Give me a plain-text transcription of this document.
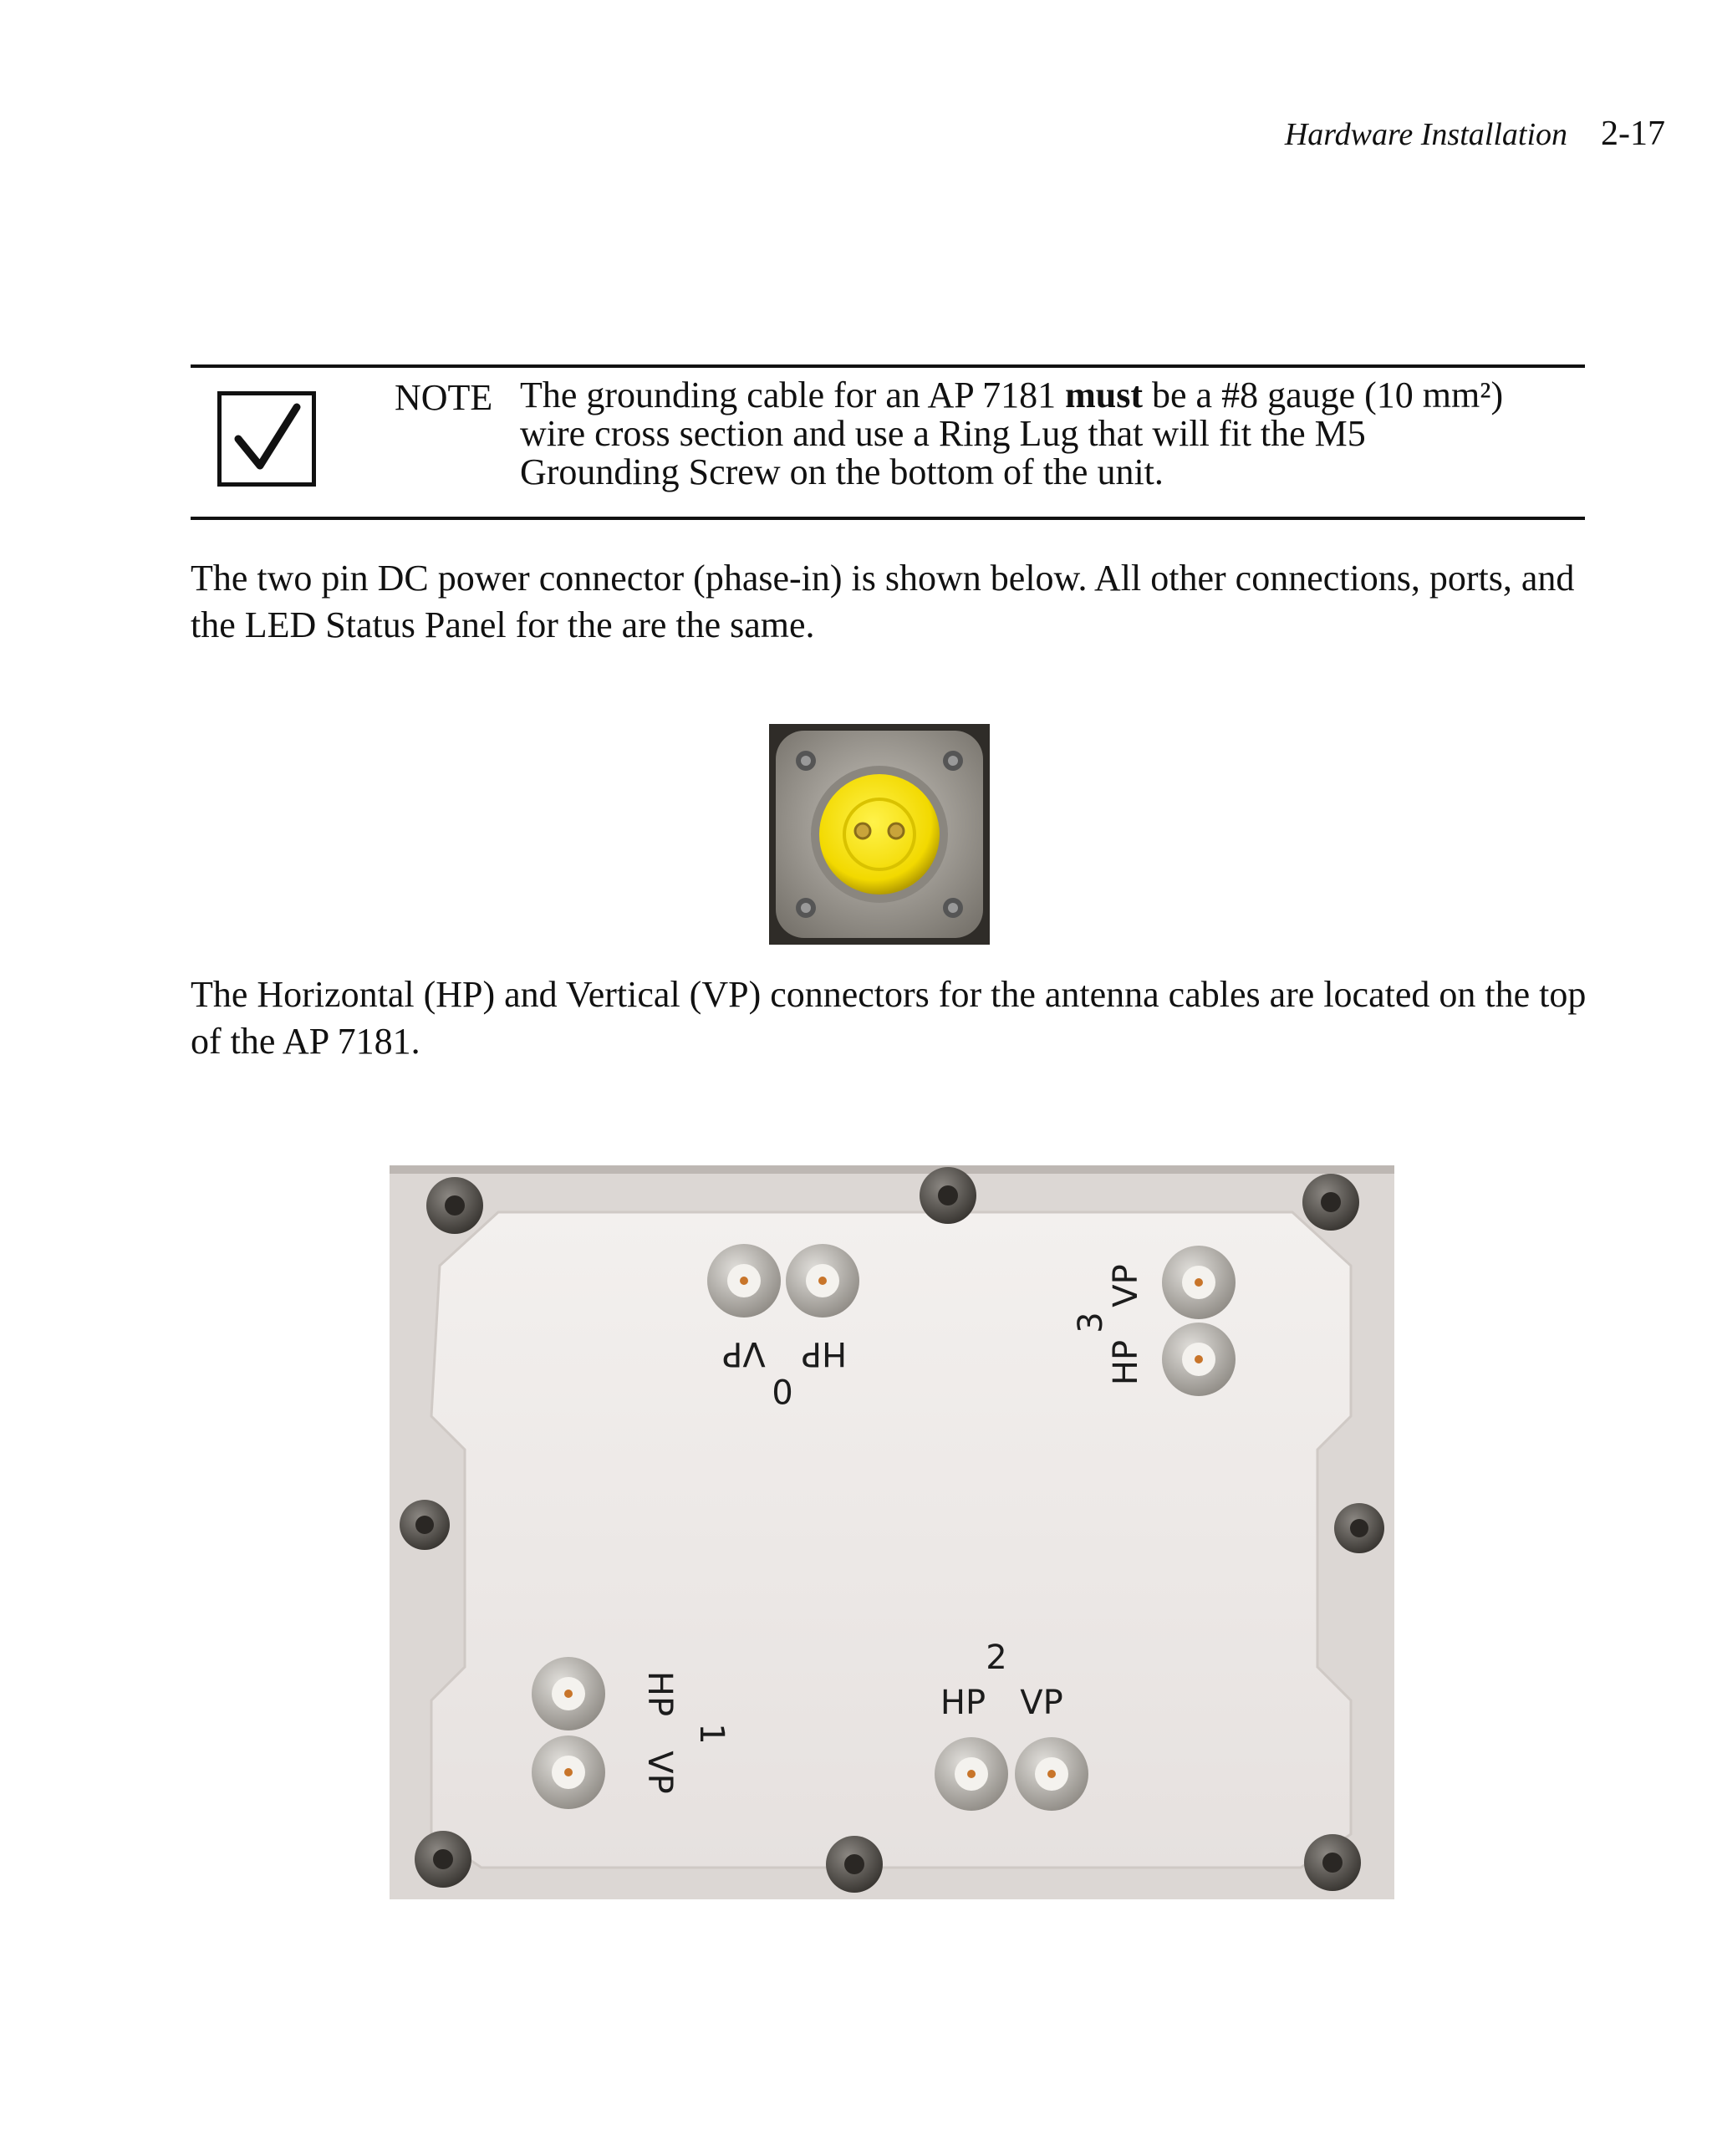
Hardware Installation 2-17
NOTE The grounding cable for an AP 7181 must be a #8 gauge (10 mm²) wire cross section and use a Ring Lug that will fit the M5 Grounding Screw on the bottom of the unit.

The two pin DC power connector (phase-in) is shown below. All other connections, ports, and the LED Status Panel for the are the same.

The Horizontal (HP) and Vertical (VP) connectors for the antenna cables are located on the top of the AP 7181.

VP HP
0
HP
VP
3
HP
VP
1
2
HP VP
